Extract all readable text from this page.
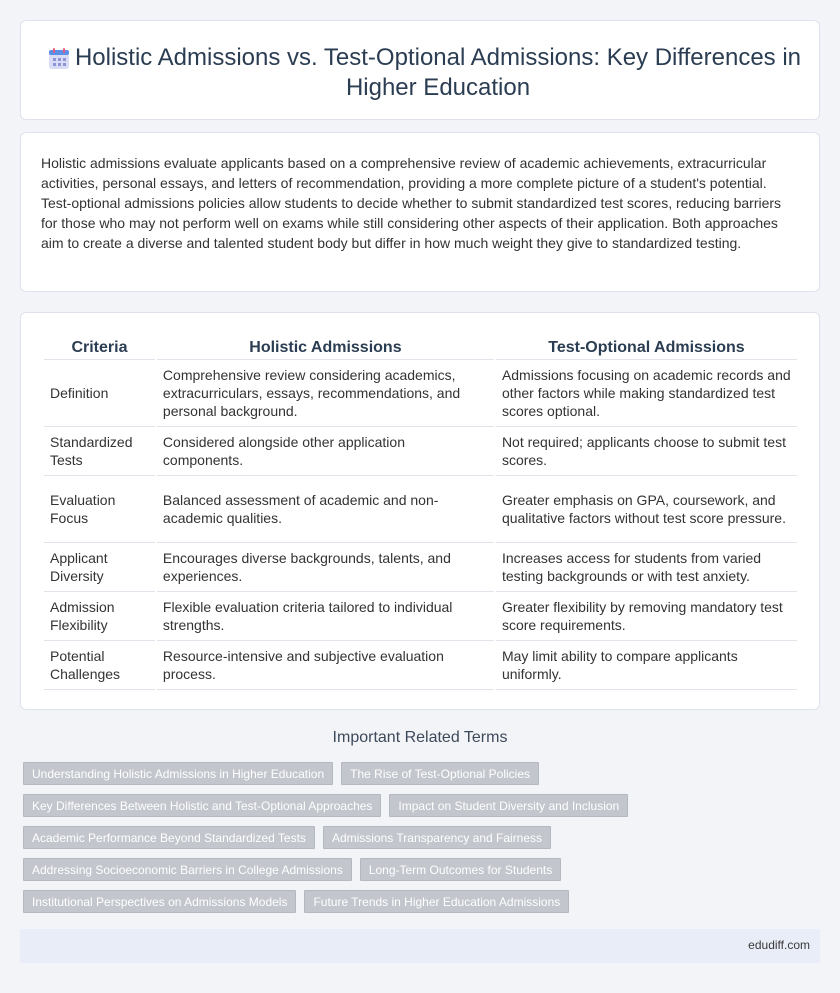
Holistic Admissions vs. Test-Optional Admissions: Key Differences in Higher Education

Holistic admissions evaluate applicants based on a comprehensive review of academic achievements, extracurricular activities, personal essays, and letters of recommendation, providing a more complete picture of a student's potential. Test-optional admissions policies allow students to decide whether to submit standardized test scores, reducing barriers for those who may not perform well on exams while still considering other aspects of their application. Both approaches aim to create a diverse and talented student body but differ in how much weight they give to standardized testing.

Criteria	Holistic Admissions	Test-Optional Admissions
Definition	Comprehensive review considering academics, extracurriculars, essays, recommendations, and personal background.	Admissions focusing on academic records and other factors while making standardized test scores optional.
Standardized Tests	Considered alongside other application components.	Not required; applicants choose to submit test scores.
Evaluation Focus	Balanced assessment of academic and non-academic qualities.	Greater emphasis on GPA, coursework, and qualitative factors without test score pressure.
Applicant Diversity	Encourages diverse backgrounds, talents, and experiences.	Increases access for students from varied testing backgrounds or with test anxiety.
Admission Flexibility	Flexible evaluation criteria tailored to individual strengths.	Greater flexibility by removing mandatory test score requirements.
Potential Challenges	Resource-intensive and subjective evaluation process.	May limit ability to compare applicants uniformly.
Important Related Terms
Understanding Holistic Admissions in Higher Education	The Rise of Test-Optional Policies
Key Differences Between Holistic and Test-Optional Approaches	Impact on Student Diversity and Inclusion
Academic Performance Beyond Standardized Tests	Admissions Transparency and Fairness
Addressing Socioeconomic Barriers in College Admissions	Long-Term Outcomes for Students
Institutional Perspectives on Admissions Models	Future Trends in Higher Education Admissions
edudiff.com
